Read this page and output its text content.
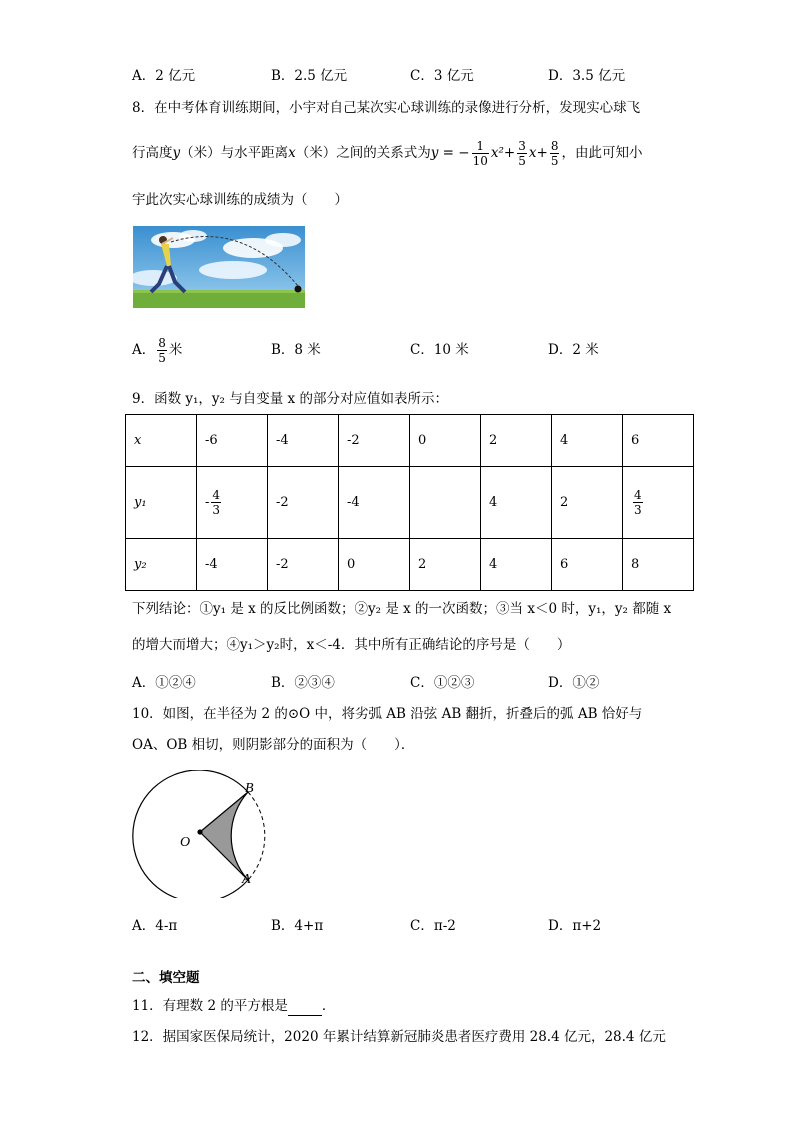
A．2 亿元	B．2.5 亿元	C．3 亿元	D．3.5 亿元
8．在中考体育训练期间，小宇对自己某次实心球训练的录像进行分析，发现实心球飞
行高度y（米）与水平距离x（米）之间的关系式为y = − $\frac{1}{10} x^2+ \frac{3}{5} x+ \frac{8}{5}$ ，由此可知小
宇此次实心球训练的成绩为（　　）
A． $\frac{8}{5}$ 米	B．8 米	C．10 米	D．2 米
9．函数 y₁，y₂ 与自变量 x 的部分对应值如表所示：
x	-6	-4	-2	0	2	4	6
y₁	- $\frac{4}{3}$	-2	-4		4	2	$\frac{4}{3}$

y₂	-4	-2	0	2	4	6	8
下列结论：①y₁ 是 x 的反比例函数；②y₂ 是 x 的一次函数；③当 x＜0 时，y₁，y₂ 都随 x
的增大而增大；④y₁＞y₂时，x＜-4．其中所有正确结论的序号是（　　）
A．①②④	B．②③④	C．①②③	D．①②
10．如图，在半径为 2 的⊙O 中，将劣弧 AB 沿弦 AB 翻折，折叠后的弧 AB 恰好与
OA、OB 相切，则阴影部分的面积为（　　）．
O
B
A
A．4-π	B．4+π	C．π-2	D．π+2
二、填空题
11．有理数 2 的平方根是	．
12．据国家医保局统计，2020 年累计结算新冠肺炎患者医疗费用 28.4 亿元，28.4 亿元
